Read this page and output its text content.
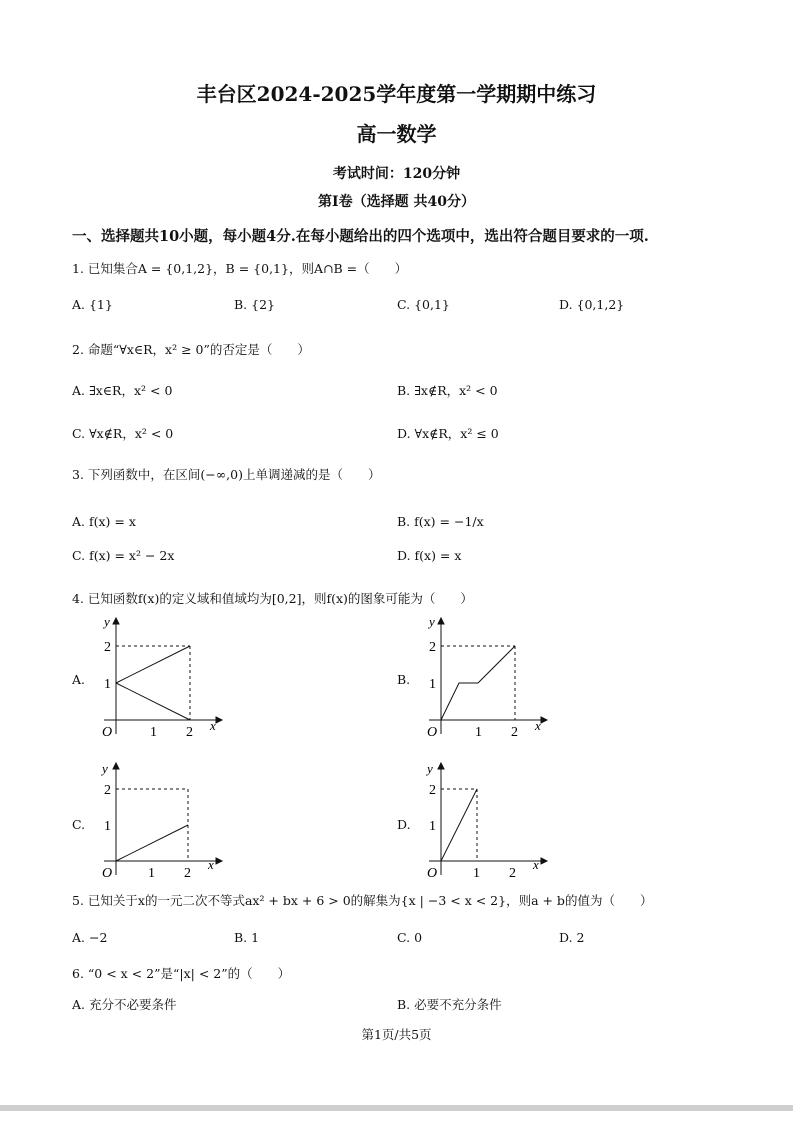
丰台区2024-2025学年度第一学期期中练习
高一数学
考试时间：120分钟
第I卷（选择题 共40分）
一、选择题共10小题，每小题4分.在每小题给出的四个选项中，选出符合题目要求的一项.
1. 已知集合A = {0,1,2}，B = {0,1}，则A∩B =（　　）
A. {1}	B. {2}	C. {0,1}	D. {0,1,2}
2. 命题“∀x∈R，x² ≥ 0”的否定是（　　）
A. ∃x∈R，x² < 0	B. ∃x∉R，x² < 0
C. ∀x∉R，x² < 0	D. ∀x∉R，x² ≤ 0
3. 下列函数中，在区间(−∞,0)上单调递减的是（　　）
A. f(x) = x	B. f(x) = −1/x
C. f(x) = x² − 2x	D. f(x) = x
4. 已知函数f(x)的定义域和值域均为[0,2]，则f(x)的图象可能为（　　）
A.	B.
C.	D.
y
x
O	1 2
1
2
y
x
O	1 2
1
2
y
x
O	1 2
1
2
y
x
O	1 2
1
2
5. 已知关于x的一元二次不等式ax² + bx + 6 > 0的解集为{x | −3 < x < 2}，则a + b的值为（　　）
A. −2	B. 1	C. 0	D. 2
6. “0 < x < 2”是“|x| < 2”的（　　）
A. 充分不必要条件	B. 必要不充分条件
第1页/共5页
